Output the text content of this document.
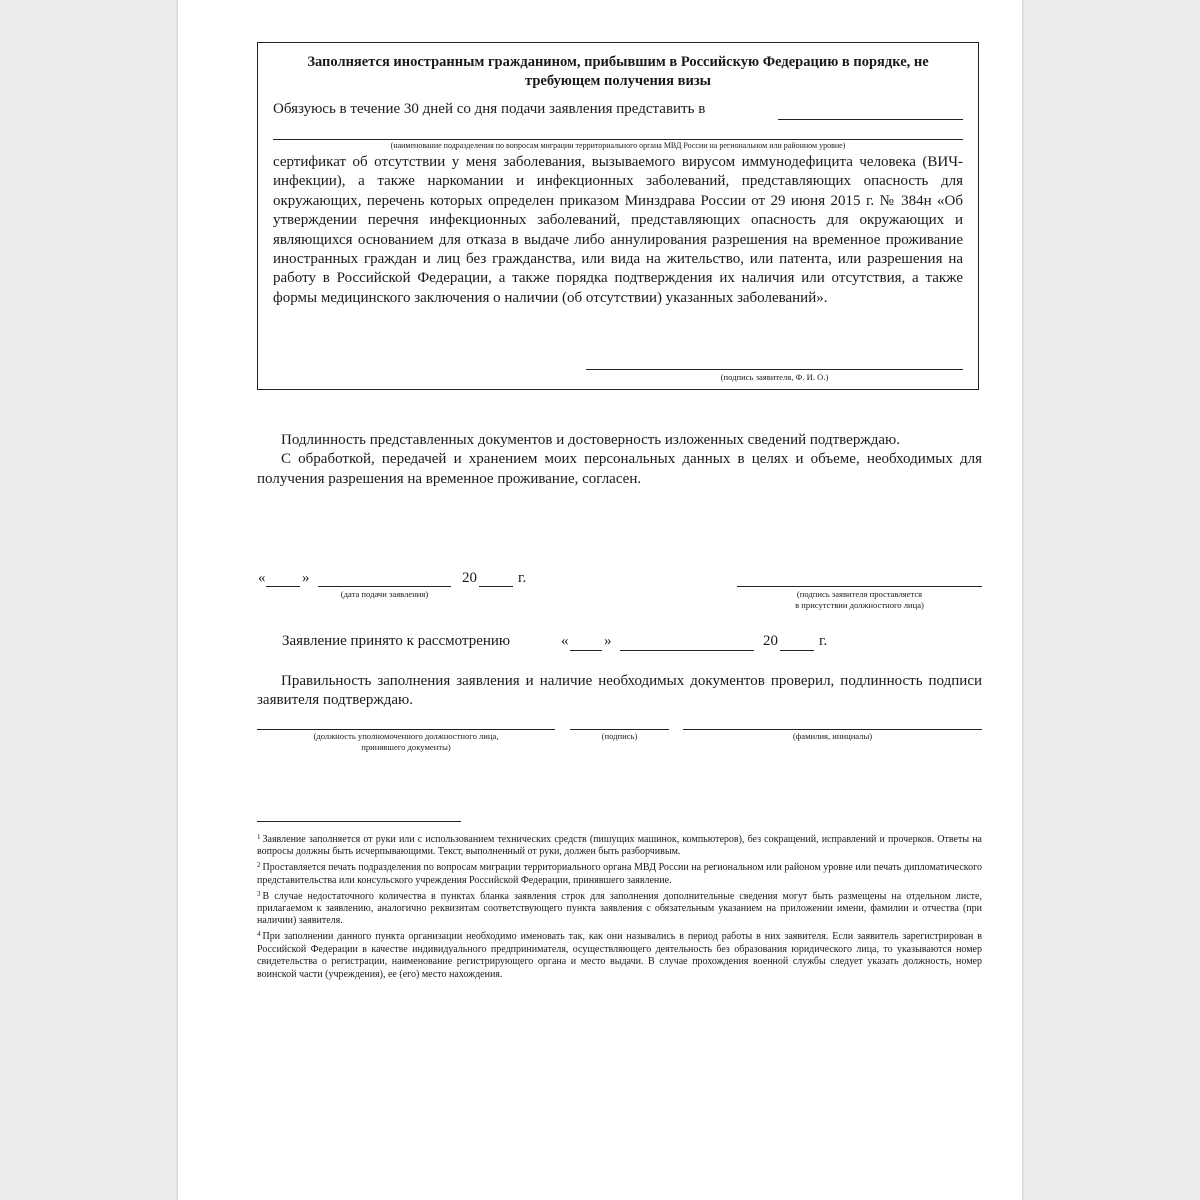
Заполняется иностранным гражданином, прибывшим в Российскую Федерацию в порядке, не требующем получения визы
Обязуюсь в течение 30 дней со дня подачи заявления представить в
(наименование подразделения по вопросам миграции территориального органа МВД России на региональном или районном уровне)
сертификат об отсутствии у меня заболевания, вызываемого вирусом иммунодефицита человека (ВИЧ-инфекции), а также наркомании и инфекционных заболеваний, представляющих опасность для окружающих, перечень которых определен приказом Минздрава России от 29 июня 2015 г. № 384н «Об утверждении перечня инфекционных заболеваний, представляющих опасность для окружающих и являющихся основанием для отказа в выдаче либо аннулирования разрешения на временное проживание иностранных граждан и лиц без гражданства, или вида на жительство, или патента, или разрешения на работу в Российской Федерации, а также порядка подтверждения их наличия или отсутствия, а также формы медицинского заключения о наличии (об отсутствии) указанных заболеваний».
(подпись заявителя, Ф. И. О.)

Подлинность представленных документов и достоверность изложенных сведений подтверждаю.

С обработкой, передачей и хранением моих персональных данных в целях и объеме, необходимых для получения разрешения на временное проживание, согласен.

« »	20	г.
(дата подачи заявления)	(подпись заявителя проставляется
в присутствии должностного лица)
Заявление принято к рассмотрению	« »	20	г.

Правильность заполнения заявления и наличие необходимых документов проверил, подлинность подписи заявителя подтверждаю.

(должность уполномоченного должностного лица,
принявшего документы)
(подпись)	(фамилия, инициалы)

$^1$ Заявление заполняется от руки или с использованием технических средств (пишущих машинок, компьютеров), без сокращений, исправлений и прочерков. Ответы на вопросы должны быть исчерпывающими. Текст, выполненный от руки, должен быть разборчивым.

$^2$ Проставляется печать подразделения по вопросам миграции территориального органа МВД России на региональном или районом уровне или печать дипломатического представительства или консульского учреждения Российской Федерации, принявшего заявление.

$^3$ В случае недостаточного количества в пунктах бланка заявления строк для заполнения дополнительные сведения могут быть размещены на отдельном листе, прилагаемом к заявлению, аналогично реквизитам соответствующего пункта заявления с обязательным указанием на приложении имени, фамилии и отчества (при наличии) заявителя.

$^4$ При заполнении данного пункта организации необходимо именовать так, как они назывались в период работы в них заявителя. Если заявитель зарегистрирован в Российской Федерации в качестве индивидуального предпринимателя, осуществляющего деятельность без образования юридического лица, то указываются номер свидетельства о регистрации, наименование регистрирующего органа и место выдачи. В случае прохождения военной службы следует указать должность, номер воинской части (учреждения), ее (его) место нахождения.
